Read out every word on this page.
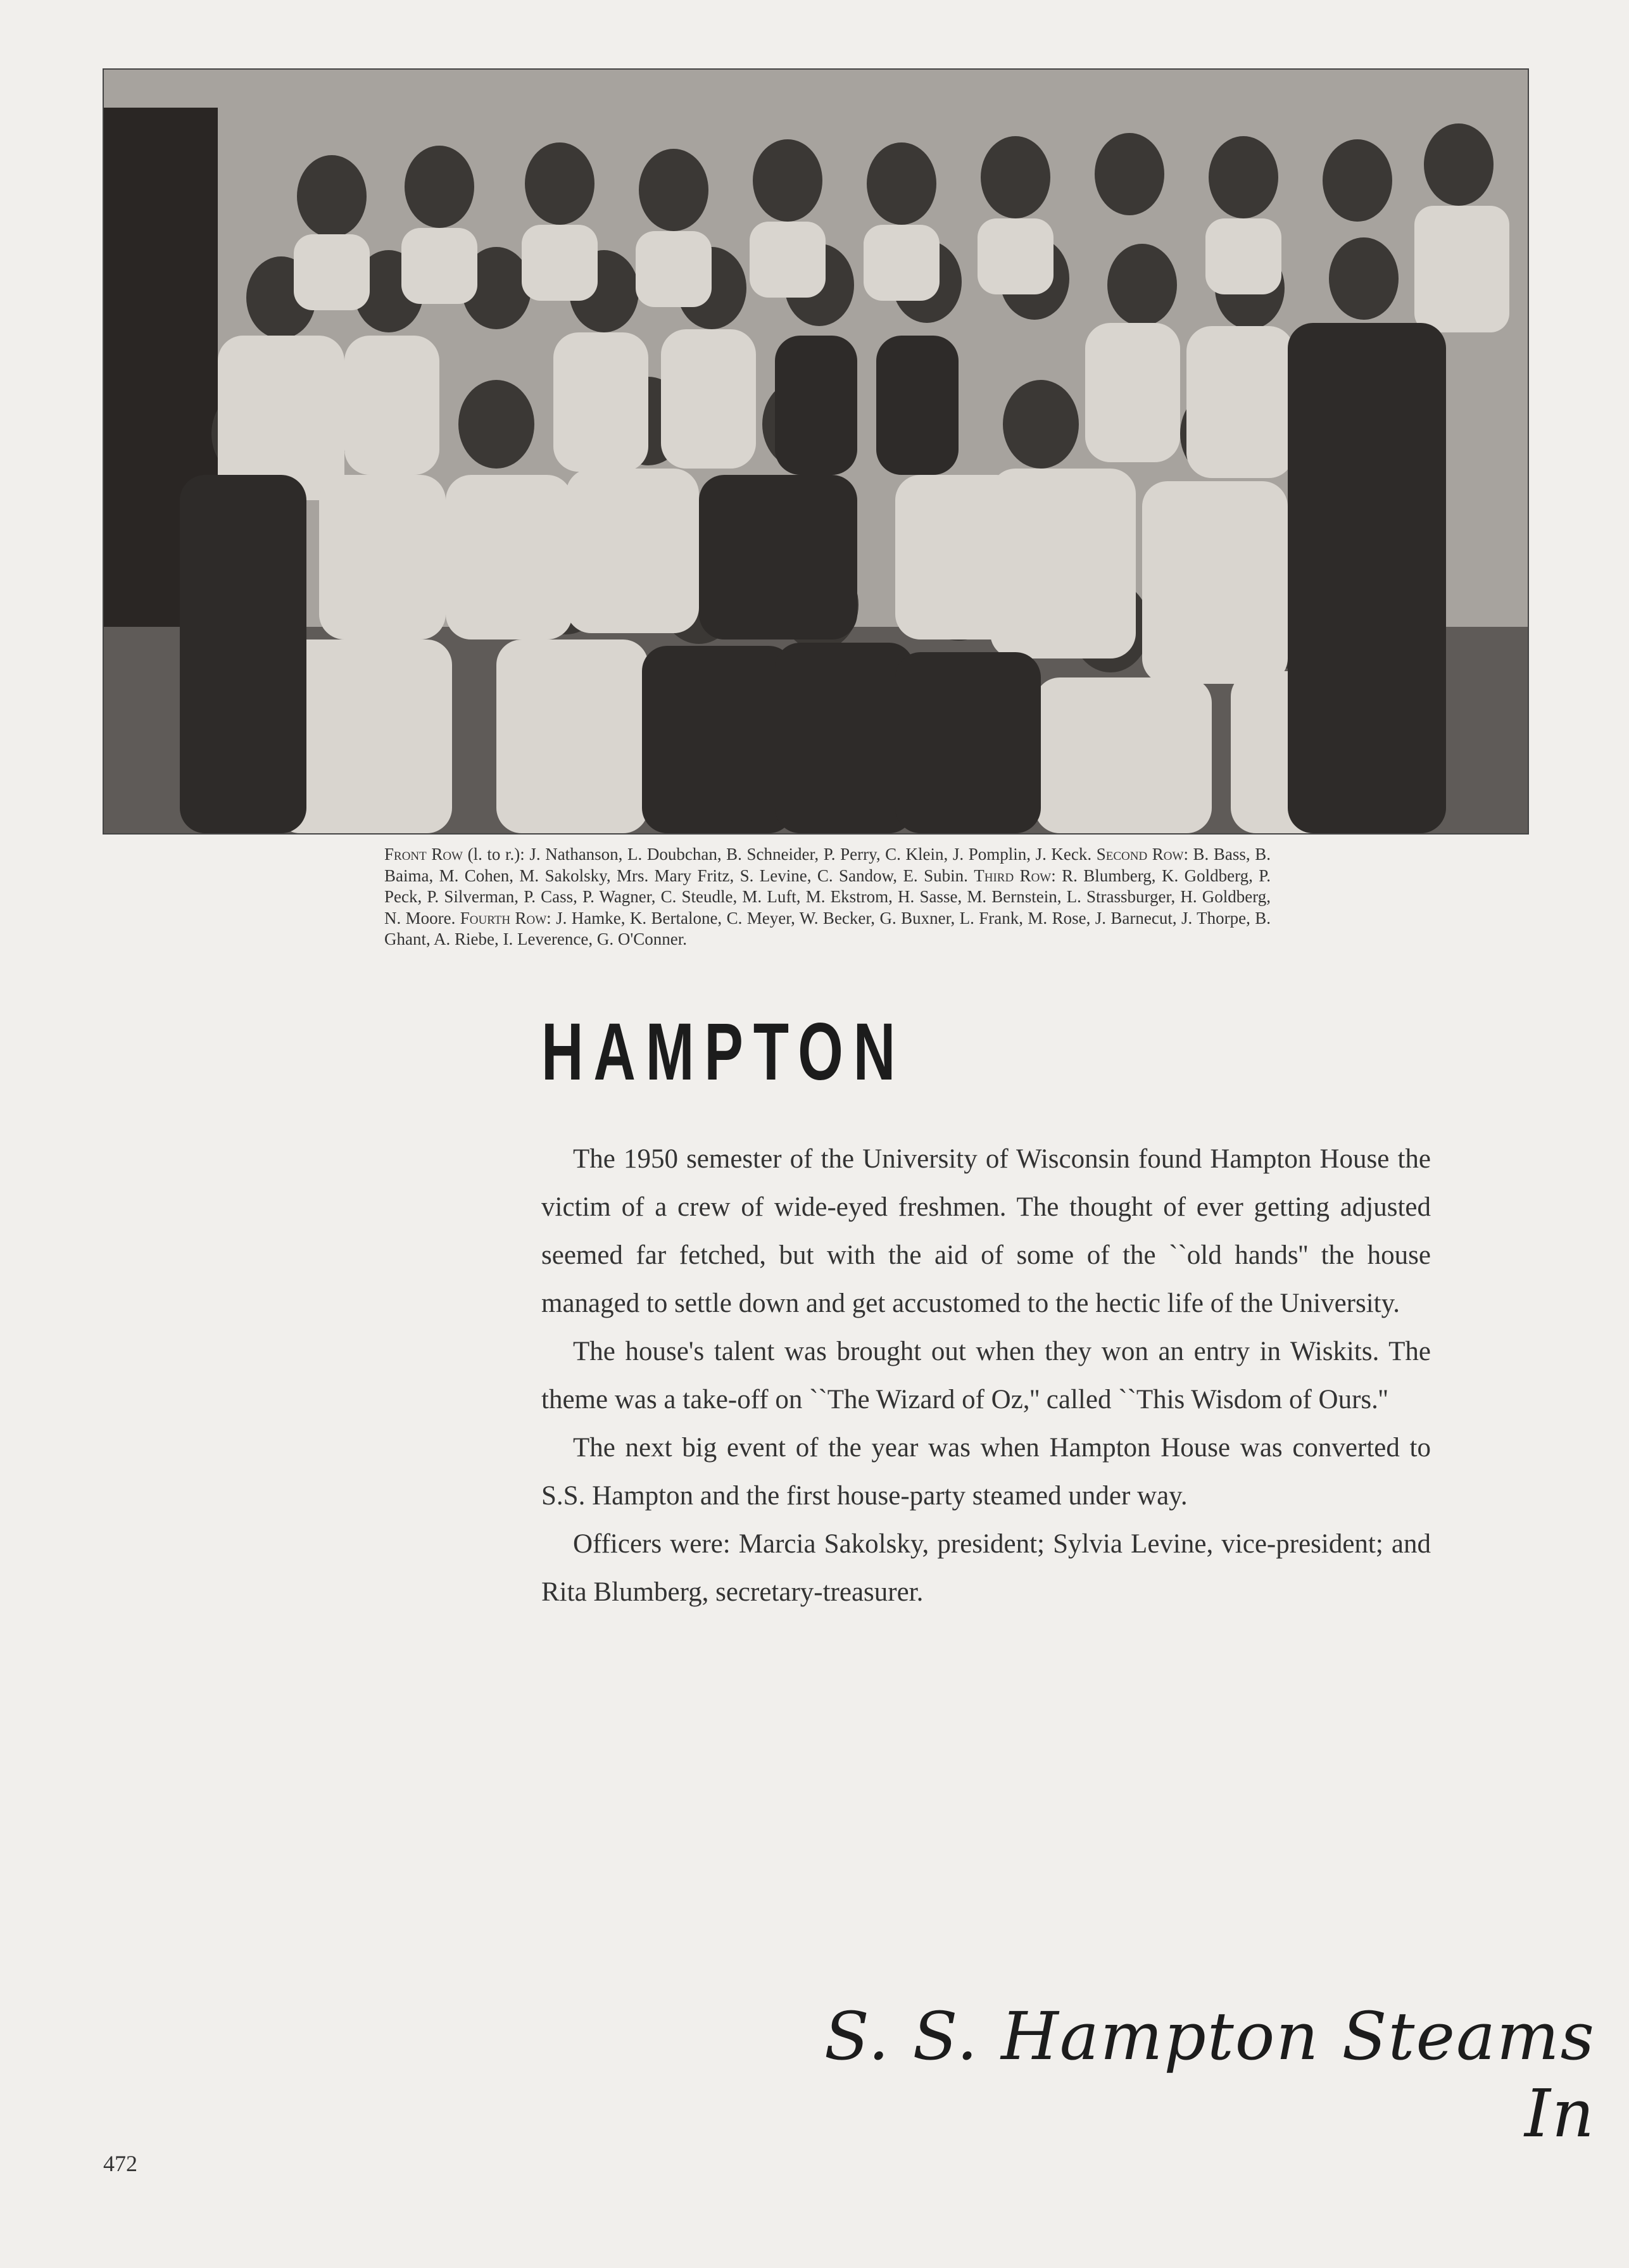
Front Row (l. to r.): J. Nathanson, L. Doubchan, B. Schneider, P. Perry, C. Klein, J. Pomplin, J. Keck. Second Row: B. Bass, B. Baima, M. Cohen, M. Sakolsky, Mrs. Mary Fritz, S. Levine, C. Sandow, E. Subin. Third Row: R. Blumberg, K. Goldberg, P. Peck, P. Silverman, P. Cass, P. Wagner, C. Steudle, M. Luft, M. Ekstrom, H. Sasse, M. Bernstein, L. Strassburger, H. Goldberg, N. Moore. Fourth Row: J. Hamke, K. Bertalone, C. Meyer, W. Becker, G. Buxner, L. Frank, M. Rose, J. Barnecut, J. Thorpe, B. Ghant, A. Riebe, I. Leverence, G. O'Conner.
HAMPTON

The 1950 semester of the University of Wisconsin found Hampton House the victim of a crew of wide-eyed freshmen. The thought of ever getting adjusted seemed far fetched, but with the aid of some of the ``old hands'' the house managed to settle down and get accustomed to the hectic life of the University.

The house's talent was brought out when they won an entry in Wiskits. The theme was a take-off on ``The Wizard of Oz,'' called ``This Wisdom of Ours.''

The next big event of the year was when Hampton House was converted to S.S. Hampton and the first house-party steamed under way.

Officers were: Marcia Sakolsky, president; Sylvia Levine, vice-president; and Rita Blumberg, secretary-treasurer.

S. S. Hampton Steams In
472
